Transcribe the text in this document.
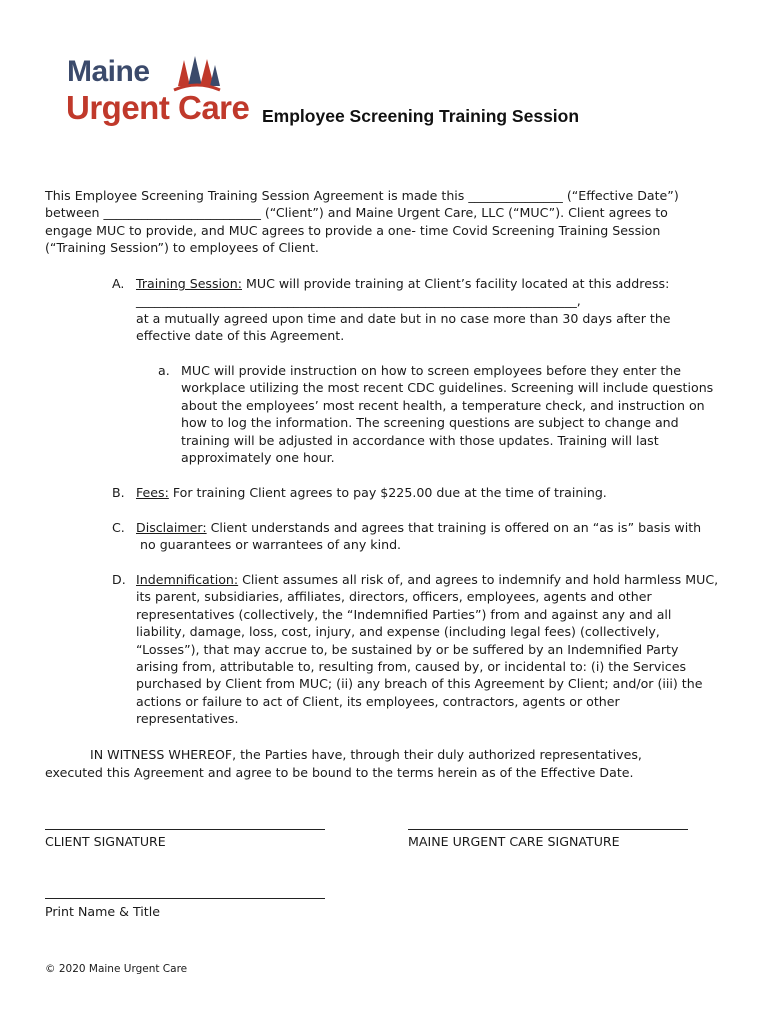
Maine
Urgent Care Employee Screening Training Session
This Employee Screening Training Session Agreement is made this _______________ (“Effective Date”)
between _________________________ (“Client”) and Maine Urgent Care, LLC (“MUC”). Client agrees to
engage MUC to provide, and MUC agrees to provide a one- time Covid Screening Training Session
(“Training Session”) to employees of Client.
A. Training Session: MUC will provide training at Client’s facility located at this address:
______________________________________________________________________,
at a mutually agreed upon time and date but in no case more than 30 days after the
effective date of this Agreement.
a. MUC will provide instruction on how to screen employees before they enter the
workplace utilizing the most recent CDC guidelines. Screening will include questions
about the employees’ most recent health, a temperature check, and instruction on
how to log the information. The screening questions are subject to change and
training will be adjusted in accordance with those updates. Training will last
approximately one hour.
B. Fees: For training Client agrees to pay $225.00 due at the time of training.
C. Disclaimer: Client understands and agrees that training is offered on an “as is” basis with
no guarantees or warrantees of any kind.
D. Indemnification: Client assumes all risk of, and agrees to indemnify and hold harmless MUC,
its parent, subsidiaries, affiliates, directors, officers, employees, agents and other
representatives (collectively, the “Indemnified Parties”) from and against any and all
liability, damage, loss, cost, injury, and expense (including legal fees) (collectively,
“Losses”), that may accrue to, be sustained by or be suffered by an Indemnified Party
arising from, attributable to, resulting from, caused by, or incidental to: (i) the Services
purchased by Client from MUC; (ii) any breach of this Agreement by Client; and/or (iii) the
actions or failure to act of Client, its employees, contractors, agents or other
representatives.
IN WITNESS WHEREOF, the Parties have, through their duly authorized representatives,
executed this Agreement and agree to be bound to the terms herein as of the Effective Date.
CLIENT SIGNATURE	MAINE URGENT CARE SIGNATURE
Print Name & Title
© 2020 Maine Urgent Care
